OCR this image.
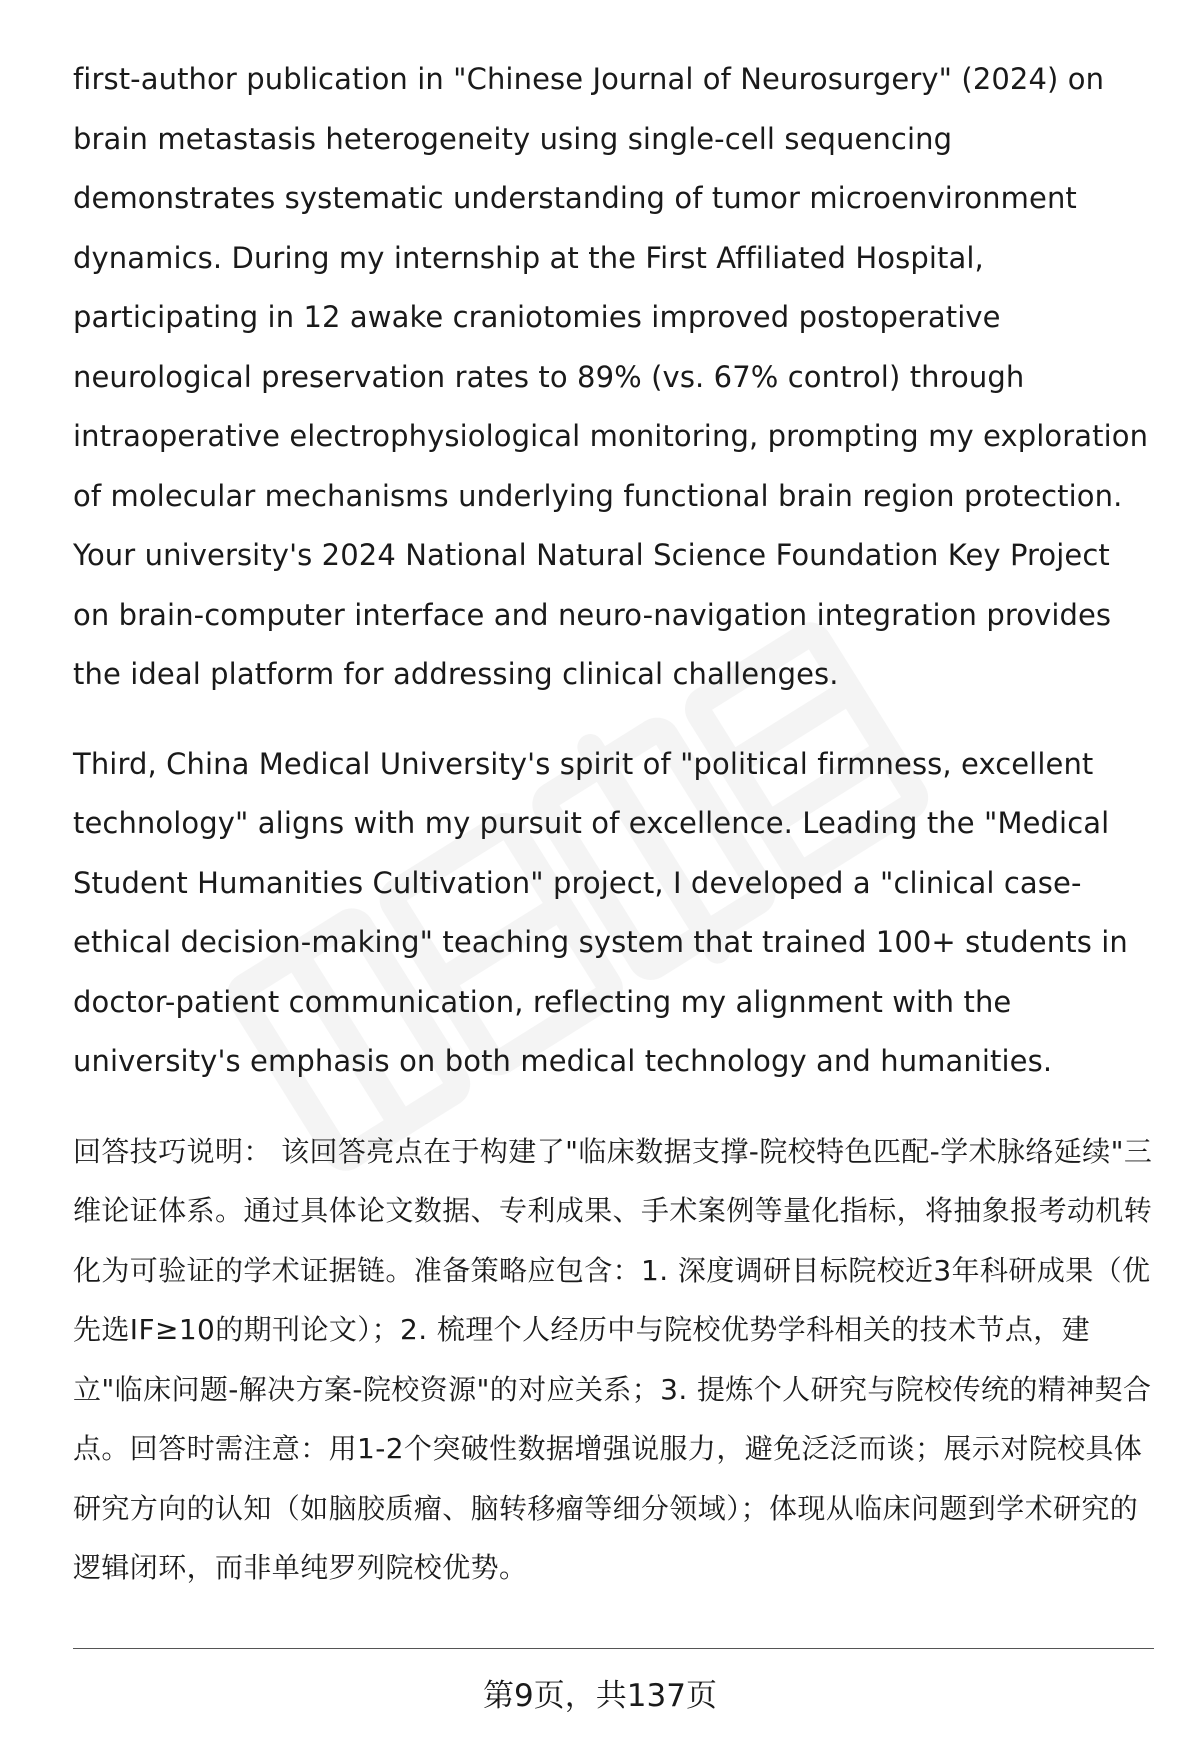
first-author publication in "Chinese Journal of Neurosurgery" (2024) on brain metastasis heterogeneity using single-cell sequencing demonstrates systematic understanding of tumor microenvironment dynamics. During my internship at the First Affiliated Hospital, participating in 12 awake craniotomies improved postoperative neurological preservation rates to 89% (vs. 67% control) through intraoperative electrophysiological monitoring, prompting my exploration of molecular mechanisms underlying functional brain region protection. Your university's 2024 National Natural Science Foundation Key Project on brain-computer interface and neuro-navigation integration provides the ideal platform for addressing clinical challenges.

Third, China Medical University's spirit of "political firmness, excellent technology" aligns with my pursuit of excellence. Leading the "Medical Student Humanities Cultivation" project, I developed a "clinical case-ethical decision-making" teaching system that trained 100+ students in doctor-patient communication, reflecting my alignment with the university's emphasis on both medical technology and humanities.

回答技巧说明： 该回答亮点在于构建了"临床数据支撑-院校特色匹配-学术脉络延续"三维论证体系。通过具体论文数据、专利成果、手术案例等量化指标，将抽象报考动机转化为可验证的学术证据链。准备策略应包含：1. 深度调研目标院校近3年科研成果（优先选IF≥10的期刊论文）；2. 梳理个人经历中与院校优势学科相关的技术节点，建立"临床问题-解决方案-院校资源"的对应关系；3. 提炼个人研究与院校传统的精神契合点。回答时需注意：用1-2个突破性数据增强说服力，避免泛泛而谈；展示对院校具体研究方向的认知（如脑胶质瘤、脑转移瘤等细分领域）；体现从临床问题到学术研究的逻辑闭环，而非单纯罗列院校优势。

第9页，共137页
